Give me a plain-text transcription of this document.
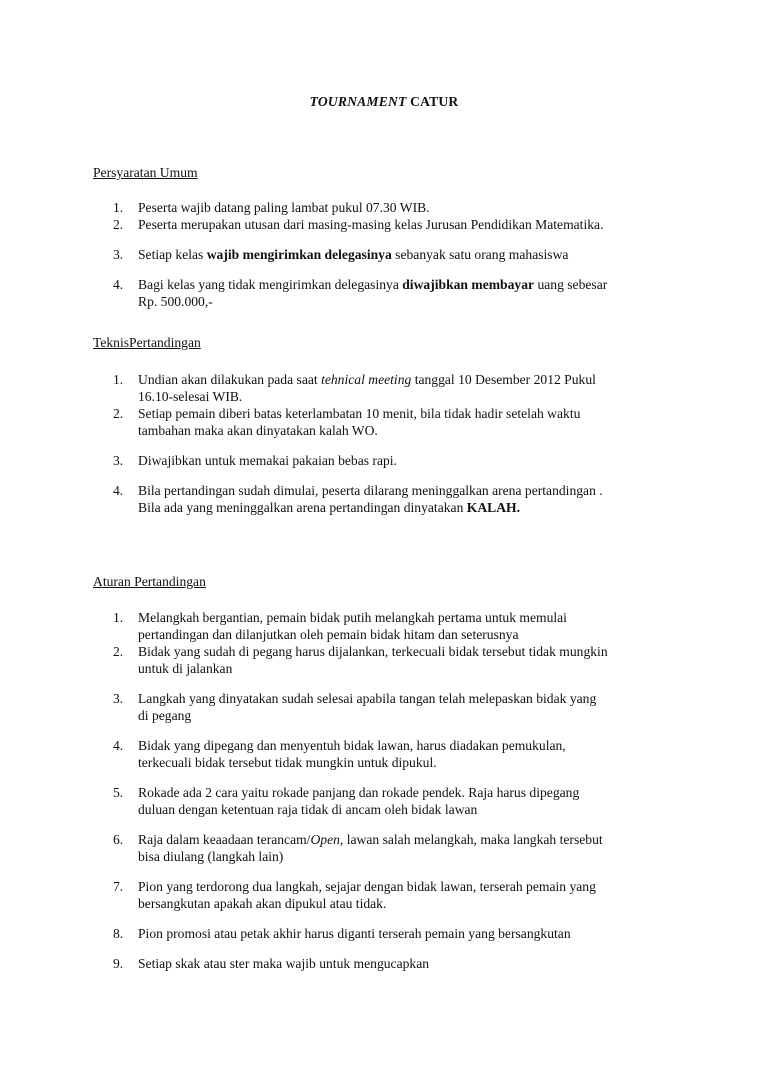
TOURNAMENT CATUR
Persyaratan Umum
1. Peserta wajib datang paling lambat pukul 07.30 WIB.
2. Peserta merupakan utusan dari masing-masing kelas Jurusan Pendidikan Matematika.
3. Setiap kelas wajib mengirimkan delegasinya sebanyak satu orang mahasiswa
4. Bagi kelas yang tidak mengirimkan delegasinya diwajibkan membayar uang sebesar
Rp. 500.000,-
TeknisPertandingan
1. Undian akan dilakukan pada saat tehnical meeting tanggal 10 Desember 2012 Pukul
16.10-selesai WIB.
2. Setiap pemain diberi batas keterlambatan 10 menit, bila tidak hadir setelah waktu
tambahan maka akan dinyatakan kalah WO.
3. Diwajibkan untuk memakai pakaian bebas rapi.
4. Bila pertandingan sudah dimulai, peserta dilarang meninggalkan arena pertandingan .
Bila ada yang meninggalkan arena pertandingan dinyatakan KALAH.
Aturan Pertandingan
1. Melangkah bergantian, pemain bidak putih melangkah pertama untuk memulai
pertandingan dan dilanjutkan oleh pemain bidak hitam dan seterusnya
2. Bidak yang sudah di pegang harus dijalankan, terkecuali bidak tersebut tidak mungkin
untuk di jalankan
3. Langkah yang dinyatakan sudah selesai apabila tangan telah melepaskan bidak yang
di pegang
4. Bidak yang dipegang dan menyentuh bidak lawan, harus diadakan pemukulan,
terkecuali bidak tersebut tidak mungkin untuk dipukul.
5. Rokade ada 2 cara yaitu rokade panjang dan rokade pendek. Raja harus dipegang
duluan dengan ketentuan raja tidak di ancam oleh bidak lawan
6. Raja dalam keaadaan terancam/Open, lawan salah melangkah, maka langkah tersebut
bisa diulang (langkah lain)
7. Pion yang terdorong dua langkah, sejajar dengan bidak lawan, terserah pemain yang
bersangkutan apakah akan dipukul atau tidak.
8. Pion promosi atau petak akhir harus diganti terserah pemain yang bersangkutan
9. Setiap skak atau ster maka wajib untuk mengucapkan
